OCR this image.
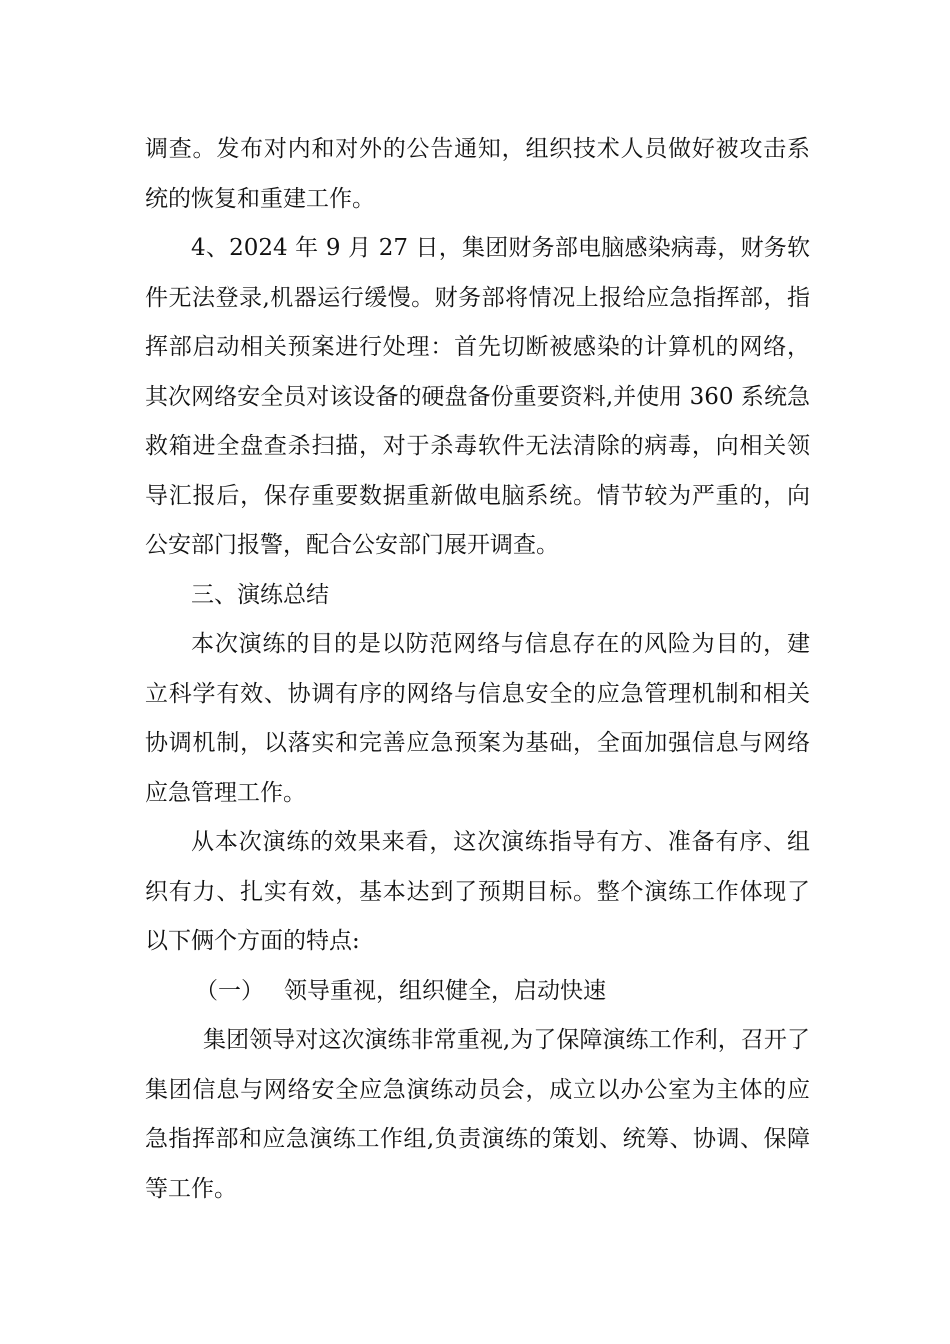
调查。发布对内和对外的公告通知，组织技术人员做好被攻击系统的恢复和重建工作。

4、2024 年 9 月 27 日，集团财务部电脑感染病毒，财务软件无法登录,机器运行缓慢。财务部将情况上报给应急指挥部，指挥部启动相关预案进行处理：首先切断被感染的计算机的网络，其次网络安全员对该设备的硬盘备份重要资料,并使用 360 系统急救箱进全盘查杀扫描，对于杀毒软件无法清除的病毒，向相关领导汇报后，保存重要数据重新做电脑系统。情节较为严重的，向公安部门报警，配合公安部门展开调查。

三、演练总结

本次演练的目的是以防范网络与信息存在的风险为目的，建立科学有效、协调有序的网络与信息安全的应急管理机制和相关协调机制，以落实和完善应急预案为基础，全面加强信息与网络应急管理工作。

从本次演练的效果来看，这次演练指导有方、准备有序、组织有力、扎实有效，基本达到了预期目标。整个演练工作体现了以下俩个方面的特点:

（一） 领导重视，组织健全，启动快速

集团领导对这次演练非常重视,为了保障演练工作利，召开了集团信息与网络安全应急演练动员会，成立以办公室为主体的应急指挥部和应急演练工作组,负责演练的策划、统筹、协调、保障等工作。
